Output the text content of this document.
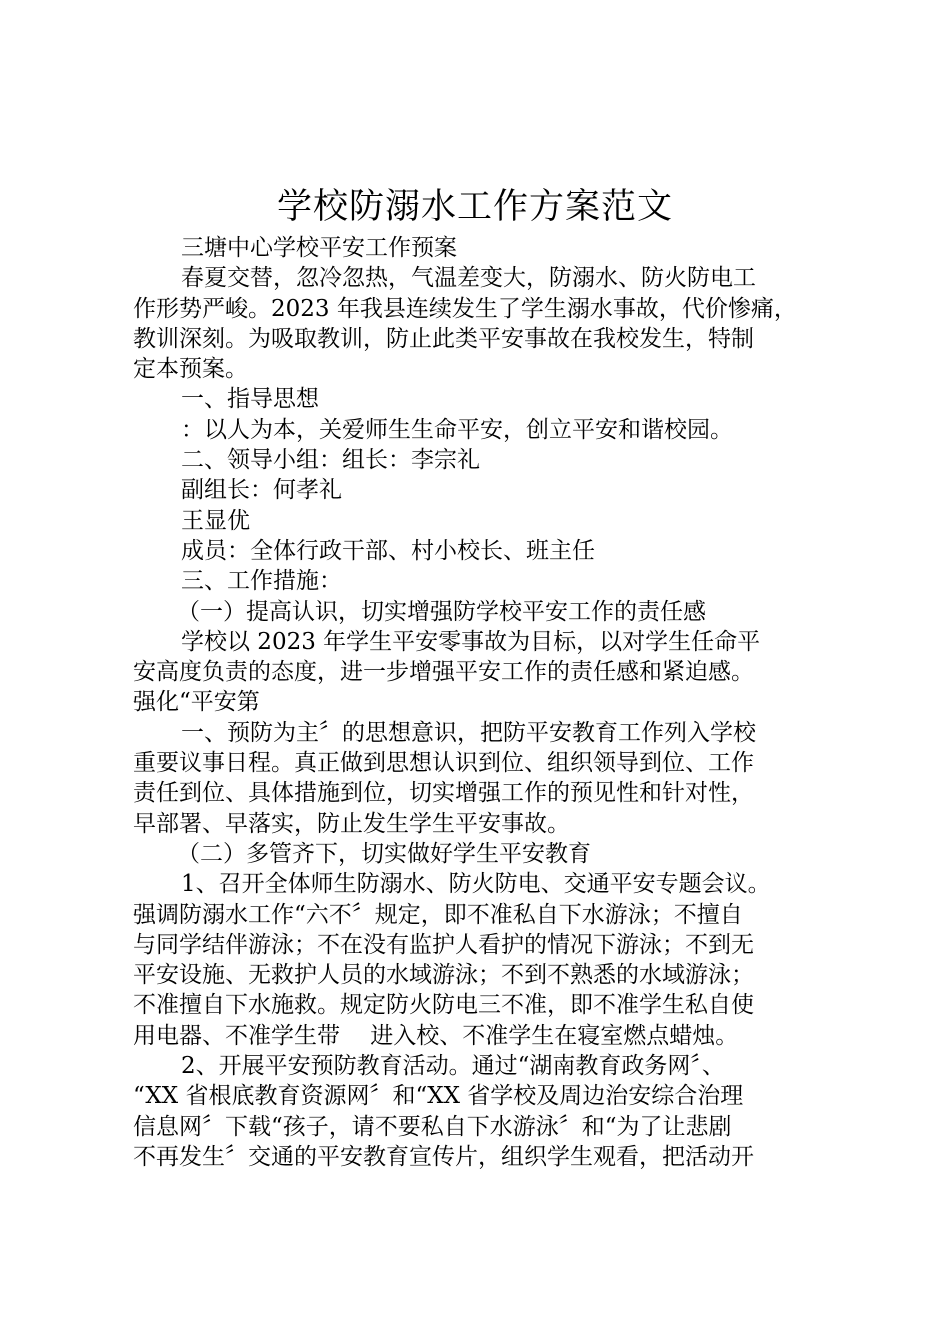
学校防溺水工作方案范文
三塘中心学校平安工作预案
春夏交替，忽冷忽热，气温差变大，防溺水、防火防电工
作形势严峻。2023 年我县连续发生了学生溺水事故，代价惨痛，
教训深刻。为吸取教训，防止此类平安事故在我校发生，特制
定本预案。
一、指导思想
：以人为本，关爱师生生命平安，创立平安和谐校园。
二、领导小组：组长：李宗礼
副组长：何孝礼
王显优
成员：全体行政干部、村小校长、班主任
三、工作措施：
（一）提高认识，切实增强防学校平安工作的责任感
学校以 2023 年学生平安零事故为目标，以对学生任命平
安高度负责的态度，进一步增强平安工作的责任感和紧迫感。
强化“平安第
一、预防为主〞的思想意识，把防平安教育工作列入学校
重要议事日程。真正做到思想认识到位、组织领导到位、工作
责任到位、具体措施到位，切实增强工作的预见性和针对性，
早部署、早落实，防止发生学生平安事故。
（二）多管齐下，切实做好学生平安教育
1、召开全体师生防溺水、防火防电、交通平安专题会议。
强调防溺水工作“六不〞规定，即不准私自下水游泳；不擅自
与同学结伴游泳；不在没有监护人看护的情况下游泳；不到无
平安设施、无救护人员的水域游泳；不到不熟悉的水域游泳；
不准擅自下水施救。规定防火防电三不准，即不准学生私自使
用电器、不准学生带　 进入校、不准学生在寝室燃点蜡烛。
2、开展平安预防教育活动。通过“湖南教育政务网〞、
“XX 省根底教育资源网〞和“XX 省学校及周边治安综合治理
信息网〞下载“孩子，请不要私自下水游泳〞和“为了让悲剧
不再发生〞交通的平安教育宣传片，组织学生观看，把活动开
